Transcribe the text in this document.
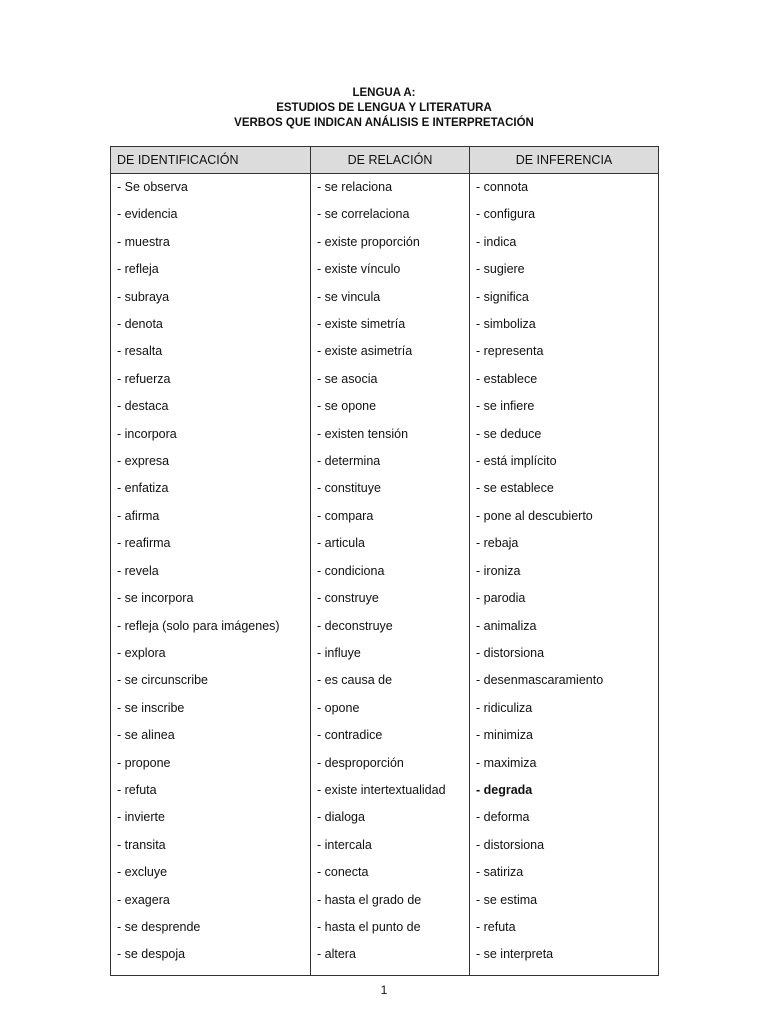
LENGUA A:
ESTUDIOS DE LENGUA Y LITERATURA
VERBOS QUE INDICAN ANÁLISIS E INTERPRETACIÓN
DE IDENTIFICACIÓN	DE RELACIÓN	DE INFERENCIA
- Se observa	- se relaciona	- connota
- evidencia	- se correlaciona	- configura
- muestra	- existe proporción	- indica
- refleja	- existe vínculo	- sugiere
- subraya	- se vincula	- significa
- denota	- existe simetría	- simboliza
- resalta	- existe asimetría	- representa
- refuerza	- se asocia	- establece
- destaca	- se opone	- se infiere
- incorpora	- existen tensión	- se deduce
- expresa	- determina	- está implícito
- enfatiza	- constituye	- se establece
- afirma	- compara	- pone al descubierto
- reafirma	- articula	- rebaja
- revela	- condiciona	- ironiza
- se incorpora	- construye	- parodia
- refleja (solo para imágenes)	- deconstruye	- animaliza
- explora	- influye	- distorsiona
- se circunscribe	- es causa de	- desenmascaramiento
- se inscribe	- opone	- ridiculiza
- se alinea	- contradice	- minimiza
- propone	- desproporción	- maximiza
- refuta	- existe intertextualidad	- degrada
- invierte	- dialoga	- deforma
- transita	- intercala	- distorsiona
- excluye	- conecta	- satiriza
- exagera	- hasta el grado de	- se estima
- se desprende	- hasta el punto de	- refuta
- se despoja	- altera	- se interpreta
1
